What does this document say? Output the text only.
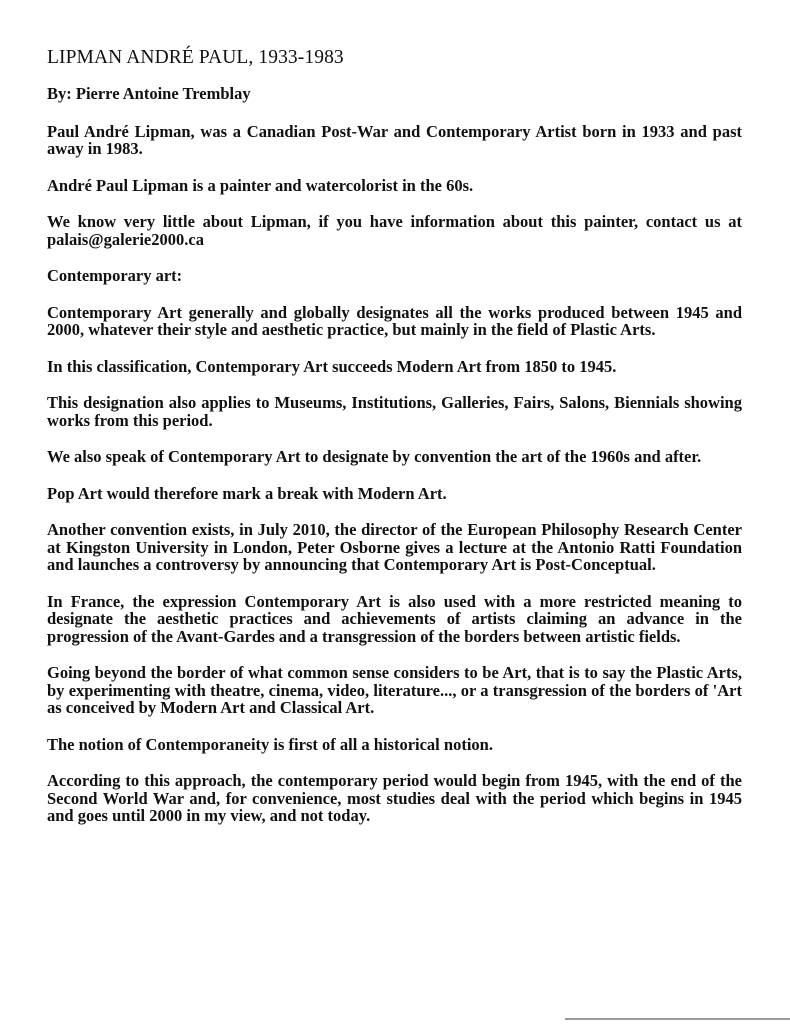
LIPMAN ANDRÉ PAUL, 1933-1983

By: Pierre Antoine Tremblay

Paul André Lipman, was a Canadian Post-War and Contemporary Artist born in 1933 and past away in 1983.

André Paul Lipman is a painter and watercolorist in the 60s.

We know very little about Lipman, if you have information about this painter, contact us at palais@galerie2000.ca

Contemporary art:

Contemporary Art generally and globally designates all the works produced between 1945 and 2000, whatever their style and aesthetic practice, but mainly in the field of Plastic Arts.

In this classification, Contemporary Art succeeds Modern Art from 1850 to 1945.

This designation also applies to Museums, Institutions, Galleries, Fairs, Salons, Biennials showing works from this period.

We also speak of Contemporary Art to designate by convention the art of the 1960s and after.

Pop Art would therefore mark a break with Modern Art.

Another convention exists, in July 2010, the director of the European Philosophy Research Center at Kingston University in London, Peter Osborne gives a lecture at the Antonio Ratti Foundation and launches a controversy by announcing that Contemporary Art is Post-Conceptual.

In France, the expression Contemporary Art is also used with a more restricted meaning to designate the aesthetic practices and achievements of artists claiming an advance in the progression of the Avant-Gardes and a transgression of the borders between artistic fields.

Going beyond the border of what common sense considers to be Art, that is to say the Plastic Arts, by experimenting with theatre, cinema, video, literature..., or a transgression of the borders of 'Art as conceived by Modern Art and Classical Art.

The notion of Contemporaneity is first of all a historical notion.

According to this approach, the contemporary period would begin from 1945, with the end of the Second World War and, for convenience, most studies deal with the period which begins in 1945 and goes until 2000 in my view, and not today.
